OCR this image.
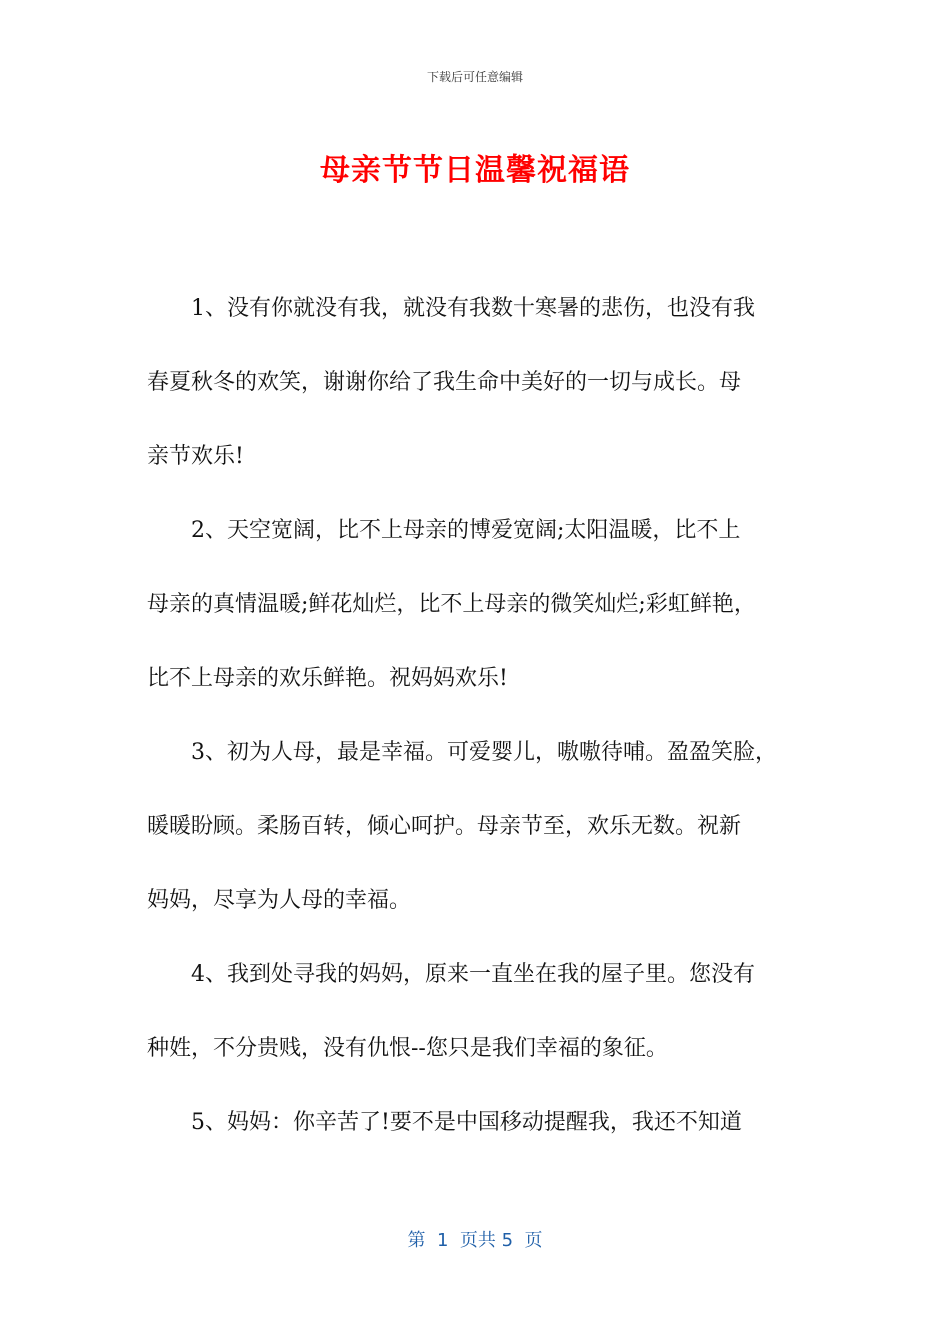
下载后可任意编辑
母亲节节日温馨祝福语

1、没有你就没有我，就没有我数十寒暑的悲伤，也没有我
春夏秋冬的欢笑，谢谢你给了我生命中美好的一切与成长。母
亲节欢乐!

2、天空宽阔，比不上母亲的博爱宽阔;太阳温暖，比不上
母亲的真情温暖;鲜花灿烂，比不上母亲的微笑灿烂;彩虹鲜艳，
比不上母亲的欢乐鲜艳。祝妈妈欢乐!

3、初为人母，最是幸福。可爱婴儿，嗷嗷待哺。盈盈笑脸，
暖暖盼顾。柔肠百转，倾心呵护。母亲节至，欢乐无数。祝新
妈妈，尽享为人母的幸福。

4、我到处寻我的妈妈，原来一直坐在我的屋子里。您没有
种姓，不分贵贱，没有仇恨--您只是我们幸福的象征。

5、妈妈：你辛苦了!要不是中国移动提醒我，我还不知道

第  1  页共 5  页
